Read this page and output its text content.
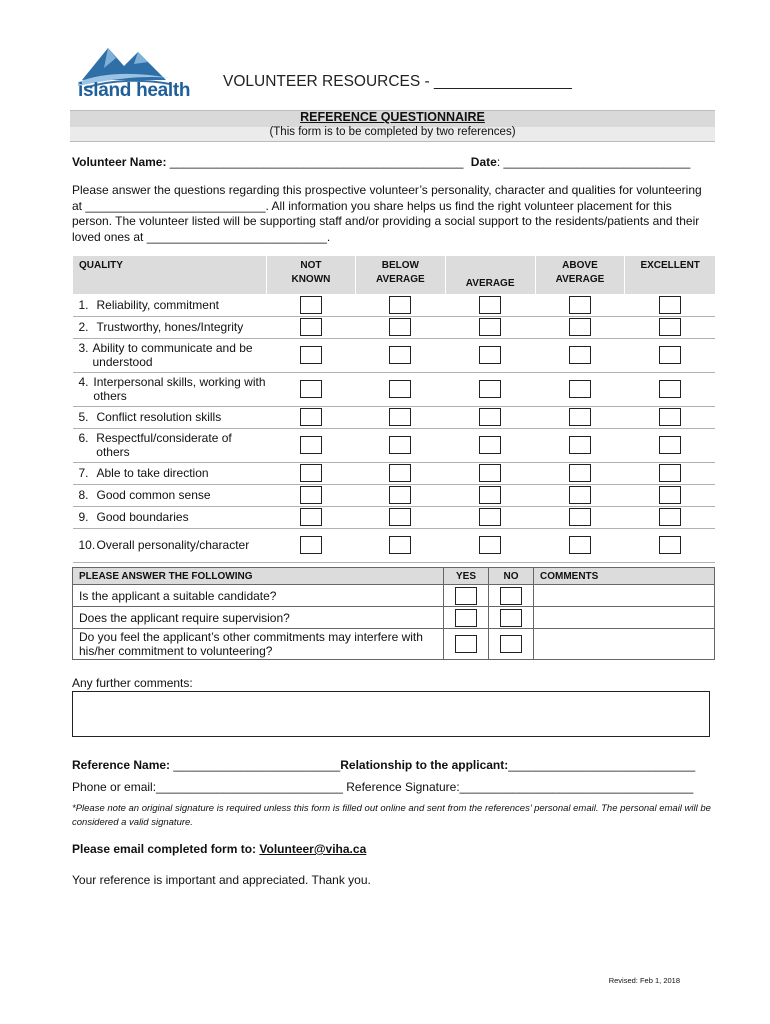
island health VOLUNTEER RESOURCES - ________________
REFERENCE QUESTIONNAIRE
(This form is to be completed by two references)
Volunteer Name: ____________________________________________ Date: ____________________________
Please answer the questions regarding this prospective volunteer’s personality, character and qualities for volunteering at ___________________________. All information you share helps us find the right volunteer placement for this person. The volunteer listed will be supporting staff and/or providing a social support to the residents/patients and their loved ones at ___________________________.
QUALITY	NOT KNOWN	BELOW AVERAGE	AVERAGE	ABOVE AVERAGE	EXCELLENT

1. Reliability, commitment					

2. Trustworthy, hones/Integrity					

3. Ability to communicate and be understood					

4. Interpersonal skills, working with others					

5. Conflict resolution skills					

6. Respectful/considerate of others					

7. Able to take direction					

8. Good common sense					

9. Good boundaries					

10. Overall personality/character					

PLEASE ANSWER THE FOLLOWING	YES	NO	COMMENTS
Is the applicant a suitable candidate?			
Does the applicant require supervision?			
Do you feel the applicant’s other commitments may interfere with his/her commitment to volunteering?			
Any further comments:
Reference Name: _________________________Relationship to the applicant:____________________________
Phone or email:____________________________ Reference Signature:___________________________________
*Please note an original signature is required unless this form is filled out online and sent from the references’ personal email. The personal email will be considered a valid signature.
Please email completed form to: Volunteer@viha.ca
Your reference is important and appreciated. Thank you.
Revised: Feb 1, 2018
